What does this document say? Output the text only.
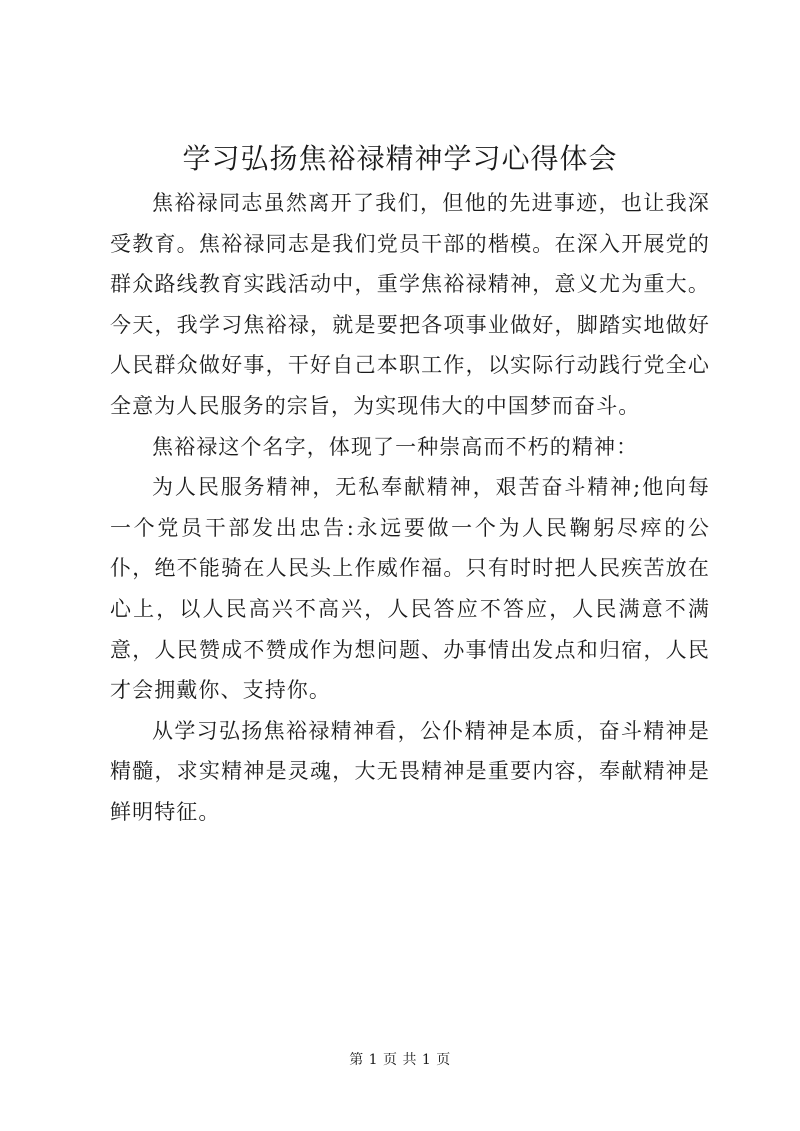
学习弘扬焦裕禄精神学习心得体会

焦裕禄同志虽然离开了我们，但他的先进事迹，也让我深受教育。焦裕禄同志是我们党员干部的楷模。在深入开展党的群众路线教育实践活动中，重学焦裕禄精神，意义尤为重大。今天，我学习焦裕禄，就是要把各项事业做好，脚踏实地做好人民群众做好事，干好自己本职工作，以实际行动践行党全心全意为人民服务的宗旨，为实现伟大的中国梦而奋斗。

焦裕禄这个名字，体现了一种崇高而不朽的精神：

为人民服务精神，无私奉献精神，艰苦奋斗精神;他向每一个党员干部发出忠告:永远要做一个为人民鞠躬尽瘁的公仆，绝不能骑在人民头上作威作福。只有时时把人民疾苦放在心上，以人民高兴不高兴，人民答应不答应，人民满意不满意，人民赞成不赞成作为想问题、办事情出发点和归宿，人民才会拥戴你、支持你。

从学习弘扬焦裕禄精神看，公仆精神是本质，奋斗精神是精髓，求实精神是灵魂，大无畏精神是重要内容，奉献精神是鲜明特征。

第 1 页 共 1 页
